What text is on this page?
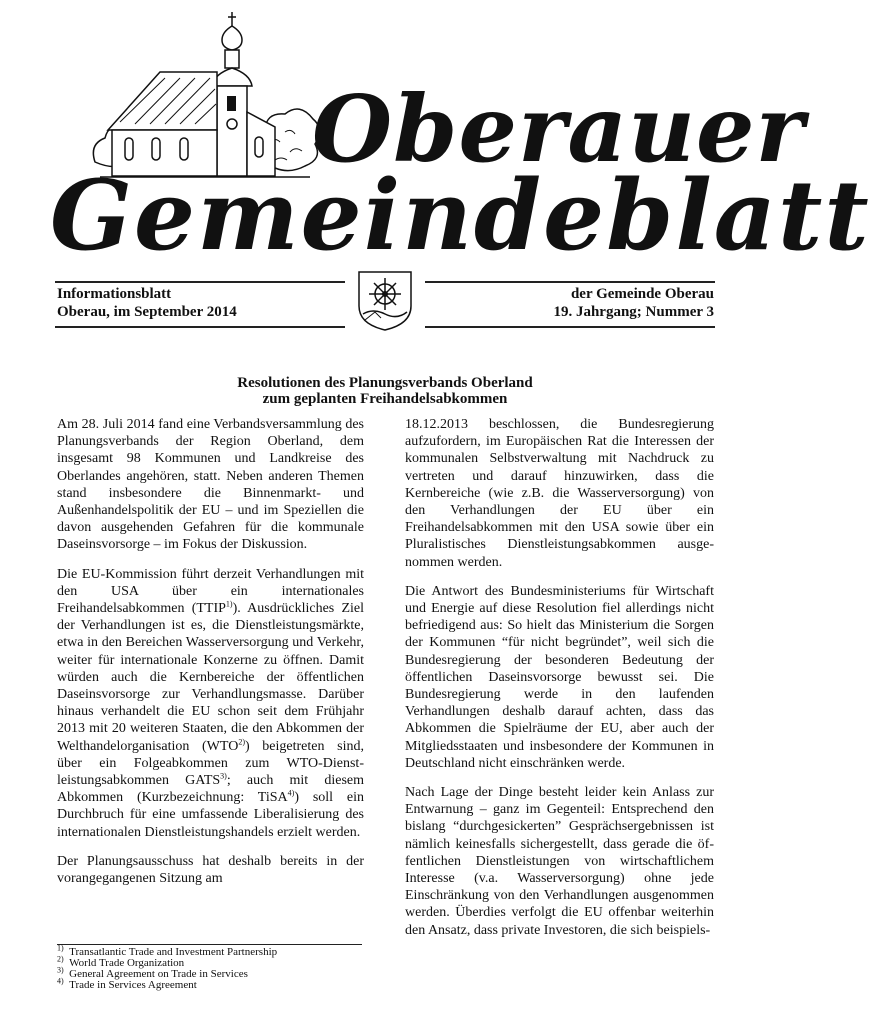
Oberauer
Gemeindeblatt
Informationsblatt
Oberau, im September 2014
der Gemeinde Oberau
19. Jahrgang; Nummer 3
Resolutionen des Planungsverbands Oberland
zum geplanten Freihandelsabkommen

Am 28. Juli 2014 fand eine Verbandsversammlung des Planungsverbands der Region Oberland, dem insgesamt 98 Kommunen und Landkreise des Oberlandes angehören, statt. Neben anderen Themen stand insbesondere die Binnenmarkt- und Außenhandelspolitik der EU – und im Speziellen die davon ausgehenden Gefahren für die kommunale Daseinsvorsorge – im Fokus der Diskussion.

Die EU-Kommission führt derzeit Verhandlungen mit den USA über ein internationales Freihandelsabkommen (TTIP$^{1)}$). Ausdrückliches Ziel der Verhandlungen ist es, die Dienstleistungsmärkte, etwa in den Bereichen Wasserversorgung und Verkehr, weiter für internationale Konzerne zu öffnen. Damit würden auch die Kernbereiche der öffentlichen Daseinsvorsorge zur Verhandlungsmasse. Darüber hinaus verhandelt die EU schon seit dem Frühjahr 2013 mit 20 weiteren Staaten, die den Abkommen der Welthandelorganisation (WTO$^{2)}$) beigetreten sind, über ein Folgeabkommen zum WTO-Dienstleistungsabkommen GATS$^{3)}$; auch mit diesem Abkommen (Kurzbezeichnung: TiSA$^{4)}$) soll ein Durchbruch für eine umfassende Liberalisierung des internationalen Dienstleistungshandels erzielt werden.

Der Planungsausschuss hat deshalb bereits in der vorangegangenen Sitzung am

$^{1)}$ Transatlantic Trade and Investment Partnership
$^{2)}$ World Trade Organization
$^{3)}$ General Agreement on Trade in Services
$^{4)}$ Trade in Services Agreement

18.12.2013 beschlossen, die Bundesregierung aufzufordern, im Europäischen Rat die Interessen der kommunalen Selbstverwaltung mit Nachdruck zu vertreten und darauf hinzuwirken, dass die Kernbereiche (wie z.B. die Wasserversorgung) von den Verhandlungen der EU über ein Freihandelsabkommen mit den USA sowie über ein Pluralistisches Dienstleistungsabkommen ausgenommen werden.

Die Antwort des Bundesministeriums für Wirtschaft und Energie auf diese Resolution fiel allerdings nicht befriedigend aus: So hielt das Ministerium die Sorgen der Kommunen “für nicht begründet”, weil sich die Bundesregierung der besonderen Bedeutung der öffentlichen Daseinsvorsorge bewusst sei. Die Bundesregierung werde in den laufenden Verhandlungen deshalb darauf achten, dass das Abkommen die Spielräume der EU, aber auch der Mitgliedsstaaten und insbesondere der Kommunen in Deutschland nicht einschränken werde.

Nach Lage der Dinge besteht leider kein Anlass zur Entwarnung – ganz im Gegenteil: Entsprechend den bislang “durchgesickerten” Gesprächsergebnissen ist nämlich keinesfalls sichergestellt, dass gerade die öffentlichen Dienstleistungen von wirtschaftlichem Interesse (v.a. Wasserversorgung) ohne jede Einschränkung von den Verhandlungen ausgenommen werden. Überdies verfolgt die EU offenbar weiterhin den Ansatz, dass private Investoren, die sich beispiels-
